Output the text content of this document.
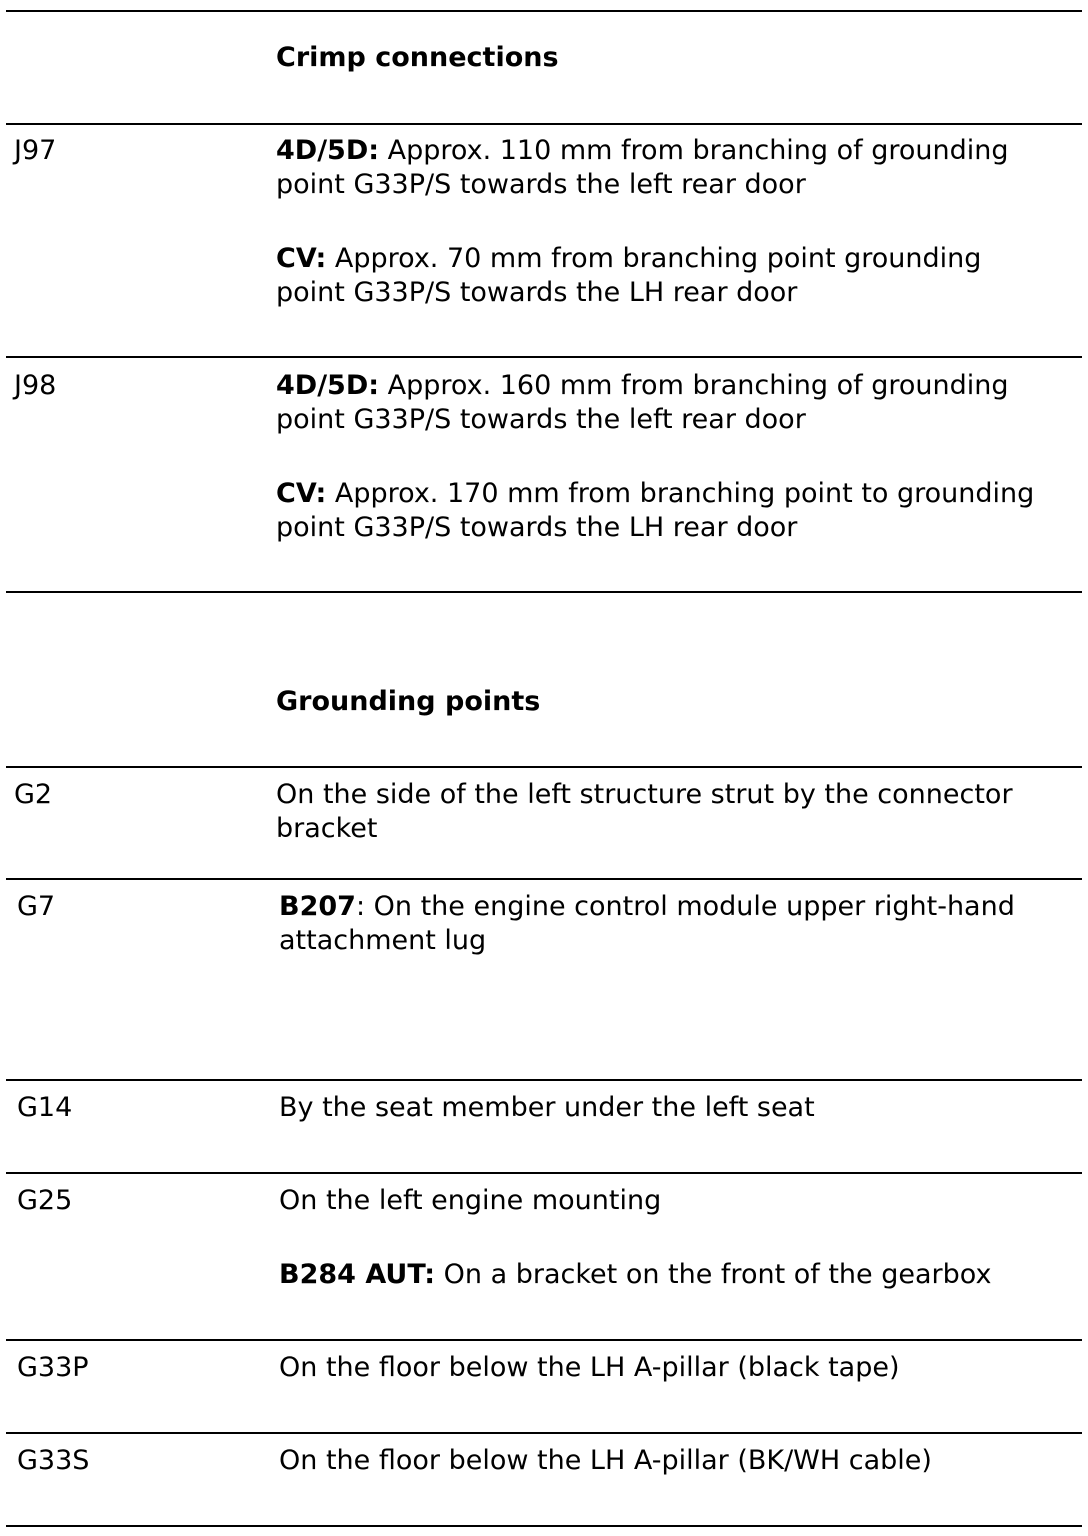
Crimp connections
J97	4D/5D: Approx. 110 mm from branching of grounding
point G33P/S towards the left rear door
CV: Approx. 70 mm from branching point grounding
point G33P/S towards the LH rear door
J98	4D/5D: Approx. 160 mm from branching of grounding
point G33P/S towards the left rear door
CV: Approx. 170 mm from branching point to grounding
point G33P/S towards the LH rear door
Grounding points
G2	On the side of the left structure strut by the connector
bracket
G7	B207: On the engine control module upper right-hand
attachment lug
G14	By the seat member under the left seat
G25	On the left engine mounting
B284 AUT: On a bracket on the front of the gearbox
G33P	On the floor below the LH A-pillar (black tape)
G33S	On the floor below the LH A-pillar (BK/WH cable)
